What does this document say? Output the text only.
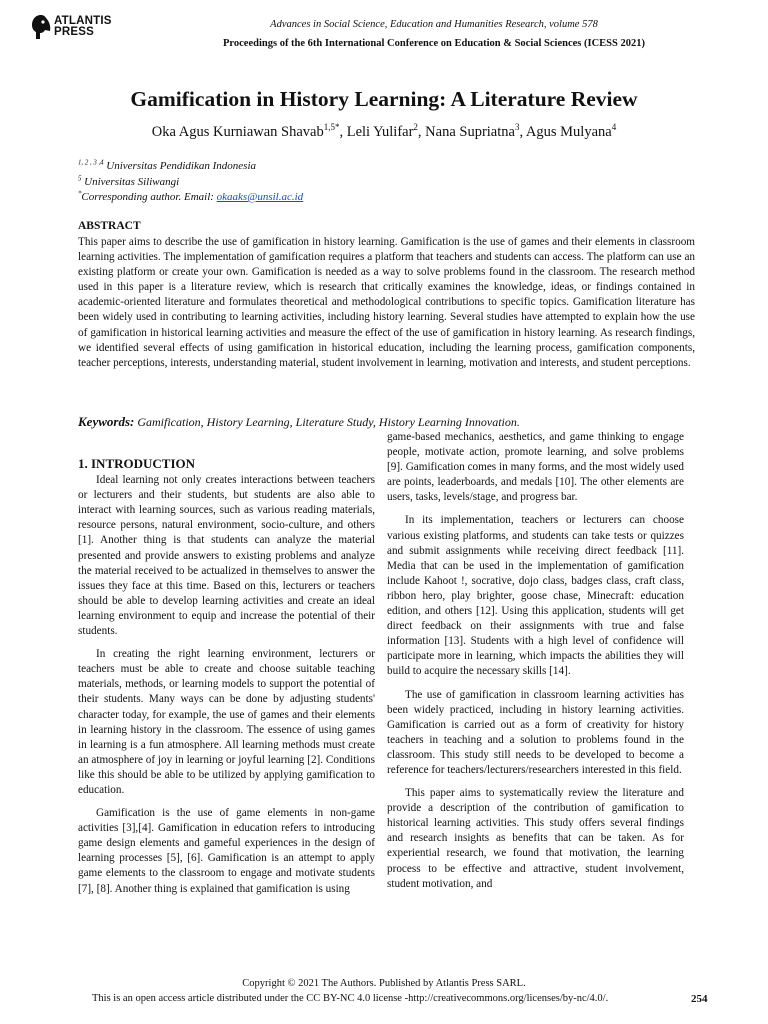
ATLANTIS
PRESS
Advances in Social Science, Education and Humanities Research, volume 578
Proceedings of the 6th International Conference on Education & Social Sciences (ICESS 2021)
Gamification in History Learning: A Literature Review
Oka Agus Kurniawan Shavab$^{1,5*}$, Leli Yulifar$^2$, Nana Supriatna$^3$, Agus Mulyana$^4$
$^{1, 2 , 3 ,4}$ Universitas Pendidikan Indonesia
$^5$ Universitas Siliwangi
*Corresponding author. Email: okaaks@unsil.ac.id
ABSTRACT

This paper aims to describe the use of gamification in history learning. Gamification is the use of games and their elements in classroom learning activities. The implementation of gamification requires a platform that teachers and students can access. The platform can use an existing platform or create your own. Gamification is needed as a way to solve problems found in the classroom. The research method used in this paper is a literature review, which is research that critically examines the knowledge, ideas, or findings contained in academic-oriented literature and formulates theoretical and methodological contributions to specific topics. Gamification literature has been widely used in contributing to learning activities, including history learning. Several studies have attempted to explain how the use of gamification in historical learning activities and measure the effect of the use of gamification in history learning. As research findings, we identified several effects of using gamification in historical education, including the learning process, gamification components, teacher perceptions, interests, understanding material, student involvement in learning, motivation and interests, and student perceptions.

Keywords: Gamification, History Learning, Literature Study, History Learning Innovation.
1. INTRODUCTION

Ideal learning not only creates interactions between teachers or lecturers and their students, but students are also able to interact with learning sources, such as various reading materials, resource persons, natural environment, socio-culture, and others [1]. Another thing is that students can analyze the material presented and provide answers to existing problems and analyze the material received to be actualized in themselves to answer the issues they face at this time. Based on this, lecturers or teachers should be able to develop learning activities and create an ideal learning environment to equip and increase the potential of their students.

In creating the right learning environment, lecturers or teachers must be able to create and choose suitable teaching materials, methods, or learning models to support the potential of their students. Many ways can be done by adjusting students' character today, for example, the use of games and their elements in learning history in the classroom. The essence of using games in learning is a fun atmosphere. All learning methods must create an atmosphere of joy in learning or joyful learning [2]. Conditions like this should be able to be utilized by applying gamification to education.

Gamification is the use of game elements in non-game activities [3],[4]. Gamification in education refers to introducing game design elements and gameful experiences in the design of learning processes [5], [6]. Gamification is an attempt to apply game elements to the classroom to engage and motivate students [7], [8]. Another thing is explained that gamification is using

game-based mechanics, aesthetics, and game thinking to engage people, motivate action, promote learning, and solve problems [9]. Gamification comes in many forms, and the most widely used are points, leaderboards, and medals [10]. The other elements are users, tasks, levels/stage, and progress bar.

In its implementation, teachers or lecturers can choose various existing platforms, and students can take tests or quizzes and submit assignments while receiving direct feedback [11]. Media that can be used in the implementation of gamification include Kahoot !, socrative, dojo class, badges class, craft class, ribbon hero, play brighter, goose chase, Minecraft: education edition, and others [12]. Using this application, students will get direct feedback on their assignments with true and false information [13]. Students with a high level of confidence will participate more in learning, which impacts the abilities they will build to acquire the necessary skills [14].

The use of gamification in classroom learning activities has been widely practiced, including in history learning activities. Gamification is carried out as a form of creativity for history teachers in teaching and a solution to problems found in the classroom. This study still needs to be developed to become a reference for teachers/lecturers/researchers interested in this field.

This paper aims to systematically review the literature and provide a description of the contribution of gamification to historical learning activities. This study offers several findings and research insights as benefits that can be taken. As for experiential research, we found that motivation, the learning process to be effective and attractive, student involvement, student motivation, and

Copyright © 2021 The Authors. Published by Atlantis Press SARL.
This is an open access article distributed under the CC BY-NC 4.0 license -http://creativecommons.org/licenses/by-nc/4.0/.	254
